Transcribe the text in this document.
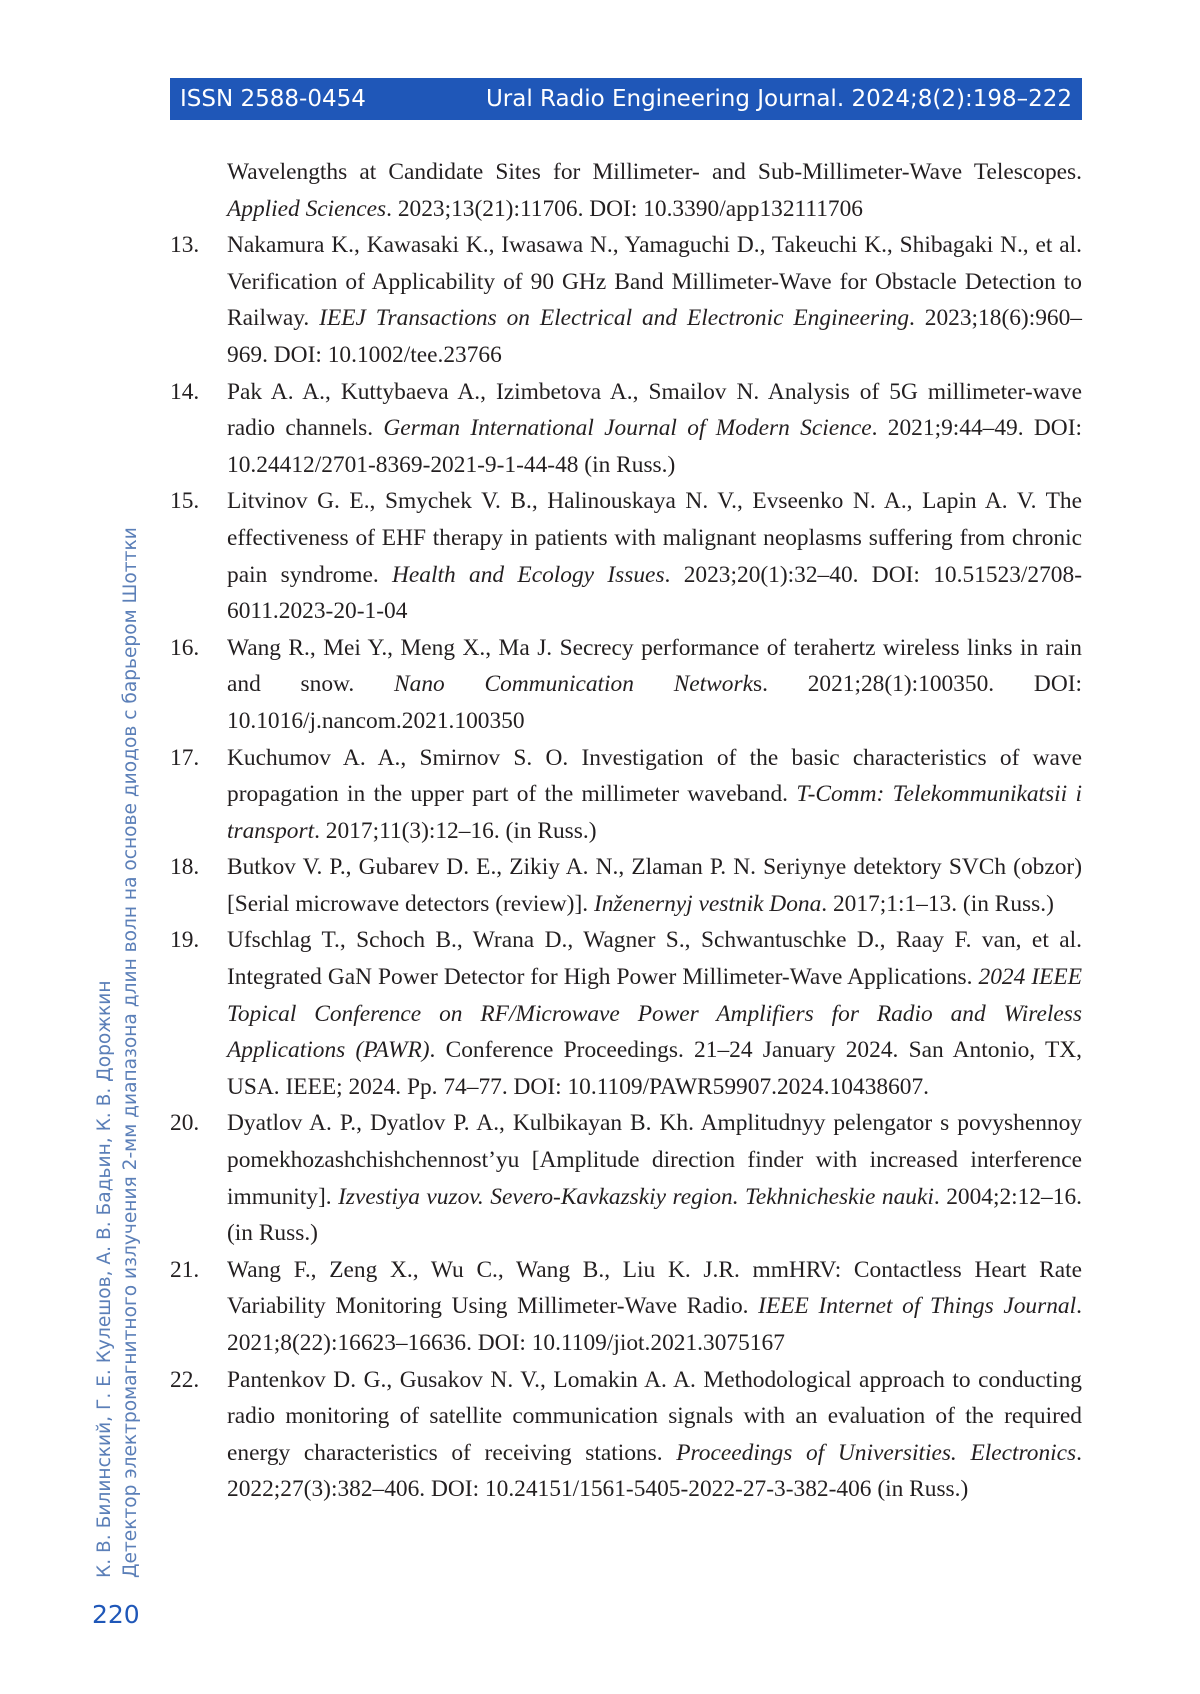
ISSN 2588-0454	Ural Radio Engineering Journal. 2024;8(2):198–222
Wavelengths at Candidate Sites for Millimeter- and Sub-Millimeter-Wave Telescopes. Applied Sciences. 2023;13(21):11706. DOI: 10.3390/app132111706
13. Nakamura K., Kawasaki K., Iwasawa N., Yamaguchi D., Takeuchi K., Shibagaki N., et al. Verification of Applicability of 90 GHz Band Millimeter-Wave for Obstacle Detection to Railway. IEEJ Transactions on Electrical and Electronic Engineering. 2023;18(6):960–969. DOI: 10.1002/tee.23766
14. Pak A. A., Kuttybaeva A., Izimbetova A., Smailov N. Analysis of 5G millimeter-wave radio channels. German International Journal of Modern Science. 2021;9:44–49. DOI: 10.24412/2701-8369-2021-9-1-44-48 (in Russ.)
15. Litvinov G. E., Smychek V. B., Halinouskaya N. V., Evseenko N. A., Lapin A. V. The effectiveness of EHF therapy in patients with malignant neoplasms suffering from chronic pain syndrome. Health and Ecology Issues. 2023;20(1):32–40. DOI: 10.51523/2708-6011.2023-20-1-04
16. Wang R., Mei Y., Meng X., Ma J. Secrecy performance of terahertz wireless links in rain and snow. Nano Communication Networks. 2021;28(1):100350. DOI: 10.1016/j.nancom.2021.100350
17. Kuchumov A. A., Smirnov S. O. Investigation of the basic characteristics of wave propagation in the upper part of the millimeter waveband. T-Comm: Telekommunikatsii i transport. 2017;11(3):12–16. (in Russ.)
18. Butkov V. P., Gubarev D. E., Zikiy A. N., Zlaman P. N. Seriynye detektory SVCh (obzor) [Serial microwave detectors (review)]. Inženernyj vestnik Dona. 2017;1:1–13. (in Russ.)
19. Ufschlag T., Schoch B., Wrana D., Wagner S., Schwantuschke D., Raay F. van, et al. Integrated GaN Power Detector for High Power Millimeter-Wave Applications. 2024 IEEE Topical Conference on RF/Microwave Power Amplifiers for Radio and Wireless Applications (PAWR). Conference Proceedings. 21–24 January 2024. San Antonio, TX, USA. IEEE; 2024. Pp. 74–77. DOI: 10.1109/PAWR59907.2024.10438607.
20. Dyatlov A. P., Dyatlov P. A., Kulbikayan B. Kh. Amplitudnyy pelengator s povyshennoy pomekhozashchishchennost’yu [Amplitude direction finder with increased interference immunity]. Izvestiya vuzov. Severo-Kavkazskiy region. Tekhnicheskie nauki. 2004;2:12–16. (in Russ.)
21. Wang F., Zeng X., Wu C., Wang B., Liu K. J.R. mmHRV: Contactless Heart Rate Variability Monitoring Using Millimeter-Wave Radio. IEEE Internet of Things Journal. 2021;8(22):16623–16636. DOI: 10.1109/jiot.2021.3075167
22. Pantenkov D. G., Gusakov N. V., Lomakin A. A. Methodological approach to conducting radio monitoring of satellite communication signals with an evaluation of the required energy characteristics of receiving stations. Proceedings of Universities. Electronics. 2022;27(3):382–406. DOI: 10.24151/1561-5405-2022-27-3-382-406 (in Russ.)
К. В. Билинский, Г. Е. Кулешов, А. В. Бадьин, К. В. Дорожкин Детектор электромагнитного излучения 2-мм диапазона длин волн на основе диодов с барьером Шоттки
220
